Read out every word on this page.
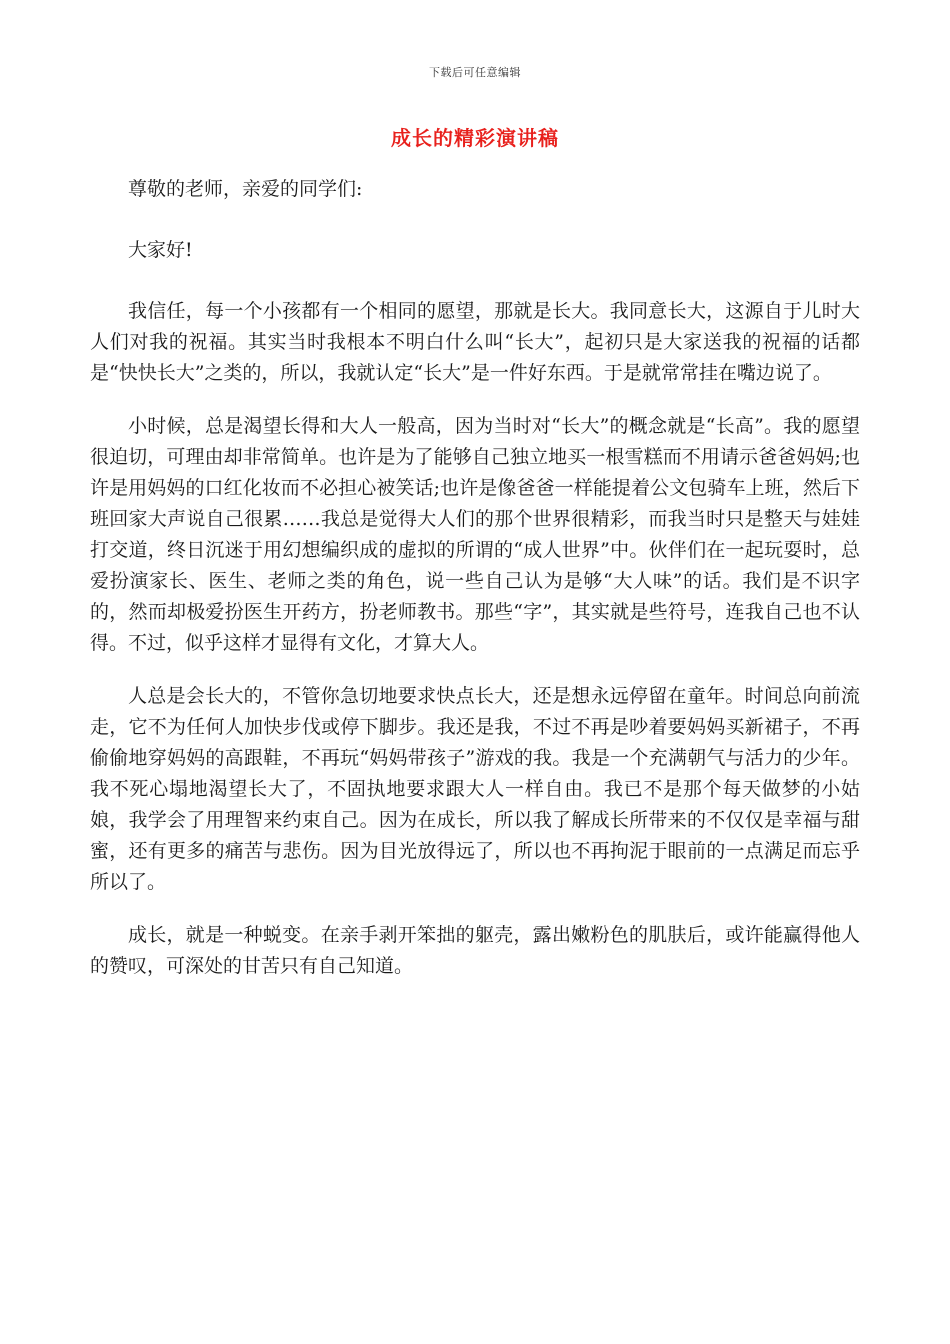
下载后可任意编辑
成长的精彩演讲稿

尊敬的老师，亲爱的同学们:

大家好!

我信任，每一个小孩都有一个相同的愿望，那就是长大。我同意长大，这源自于儿时大人们对我的祝福。其实当时我根本不明白什么叫“长大”，起初只是大家送我的祝福的话都是“快快长大”之类的，所以，我就认定“长大”是一件好东西。于是就常常挂在嘴边说了。

小时候，总是渴望长得和大人一般高，因为当时对“长大”的概念就是“长高”。我的愿望很迫切，可理由却非常简单。也许是为了能够自己独立地买一根雪糕而不用请示爸爸妈妈;也许是用妈妈的口红化妆而不必担心被笑话;也许是像爸爸一样能提着公文包骑车上班，然后下班回家大声说自己很累……我总是觉得大人们的那个世界很精彩，而我当时只是整天与娃娃打交道，终日沉迷于用幻想编织成的虚拟的所谓的“成人世界”中。伙伴们在一起玩耍时，总爱扮演家长、医生、老师之类的角色，说一些自己认为是够“大人味”的话。我们是不识字的，然而却极爱扮医生开药方，扮老师教书。那些“字”，其实就是些符号，连我自己也不认得。不过，似乎这样才显得有文化，才算大人。

人总是会长大的，不管你急切地要求快点长大，还是想永远停留在童年。时间总向前流走，它不为任何人加快步伐或停下脚步。我还是我，不过不再是吵着要妈妈买新裙子，不再偷偷地穿妈妈的高跟鞋，不再玩“妈妈带孩子”游戏的我。我是一个充满朝气与活力的少年。我不死心塌地渴望长大了，不固执地要求跟大人一样自由。我已不是那个每天做梦的小姑娘，我学会了用理智来约束自己。因为在成长，所以我了解成长所带来的不仅仅是幸福与甜蜜，还有更多的痛苦与悲伤。因为目光放得远了，所以也不再拘泥于眼前的一点满足而忘乎所以了。

成长，就是一种蜕变。在亲手剥开笨拙的躯壳，露出嫩粉色的肌肤后，或许能赢得他人的赞叹，可深处的甘苦只有自己知道。
